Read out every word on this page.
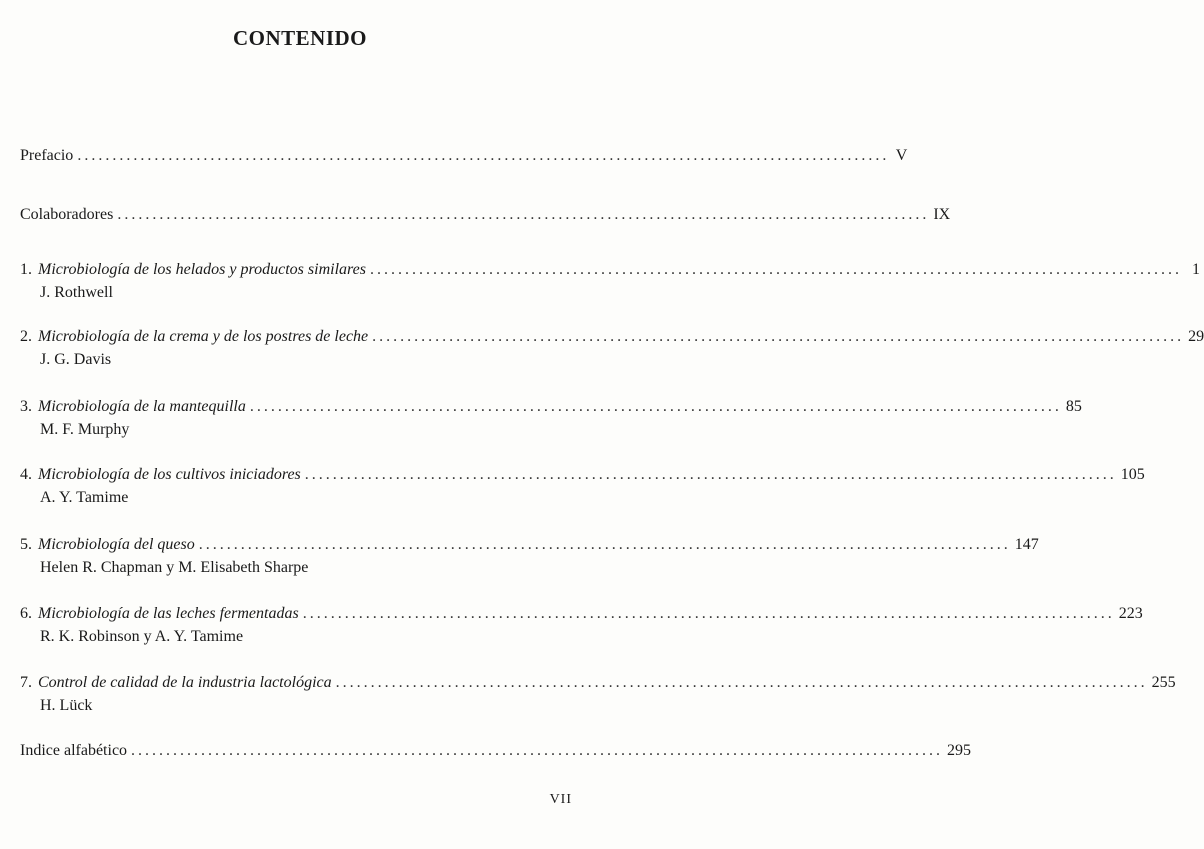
CONTENIDO
Prefacio .................................................................................................................... V
Colaboradores .................................................................................................................... IX
1. Microbiología de los helados y productos similares .................................................................................................................... 1
J. Rothwell
2. Microbiología de la crema y de los postres de leche .................................................................................................................... 29
J. G. Davis
3. Microbiología de la mantequilla .................................................................................................................... 85
M. F. Murphy
4. Microbiología de los cultivos iniciadores .................................................................................................................... 105
A. Y. Tamime
5. Microbiología del queso .................................................................................................................... 147
Helen R. Chapman y M. Elisabeth Sharpe
6. Microbiología de las leches fermentadas .................................................................................................................... 223
R. K. Robinson y A. Y. Tamime
7. Control de calidad de la industria lactológica .................................................................................................................... 255
H. Lück
Indice alfabético .................................................................................................................... 295
VII
